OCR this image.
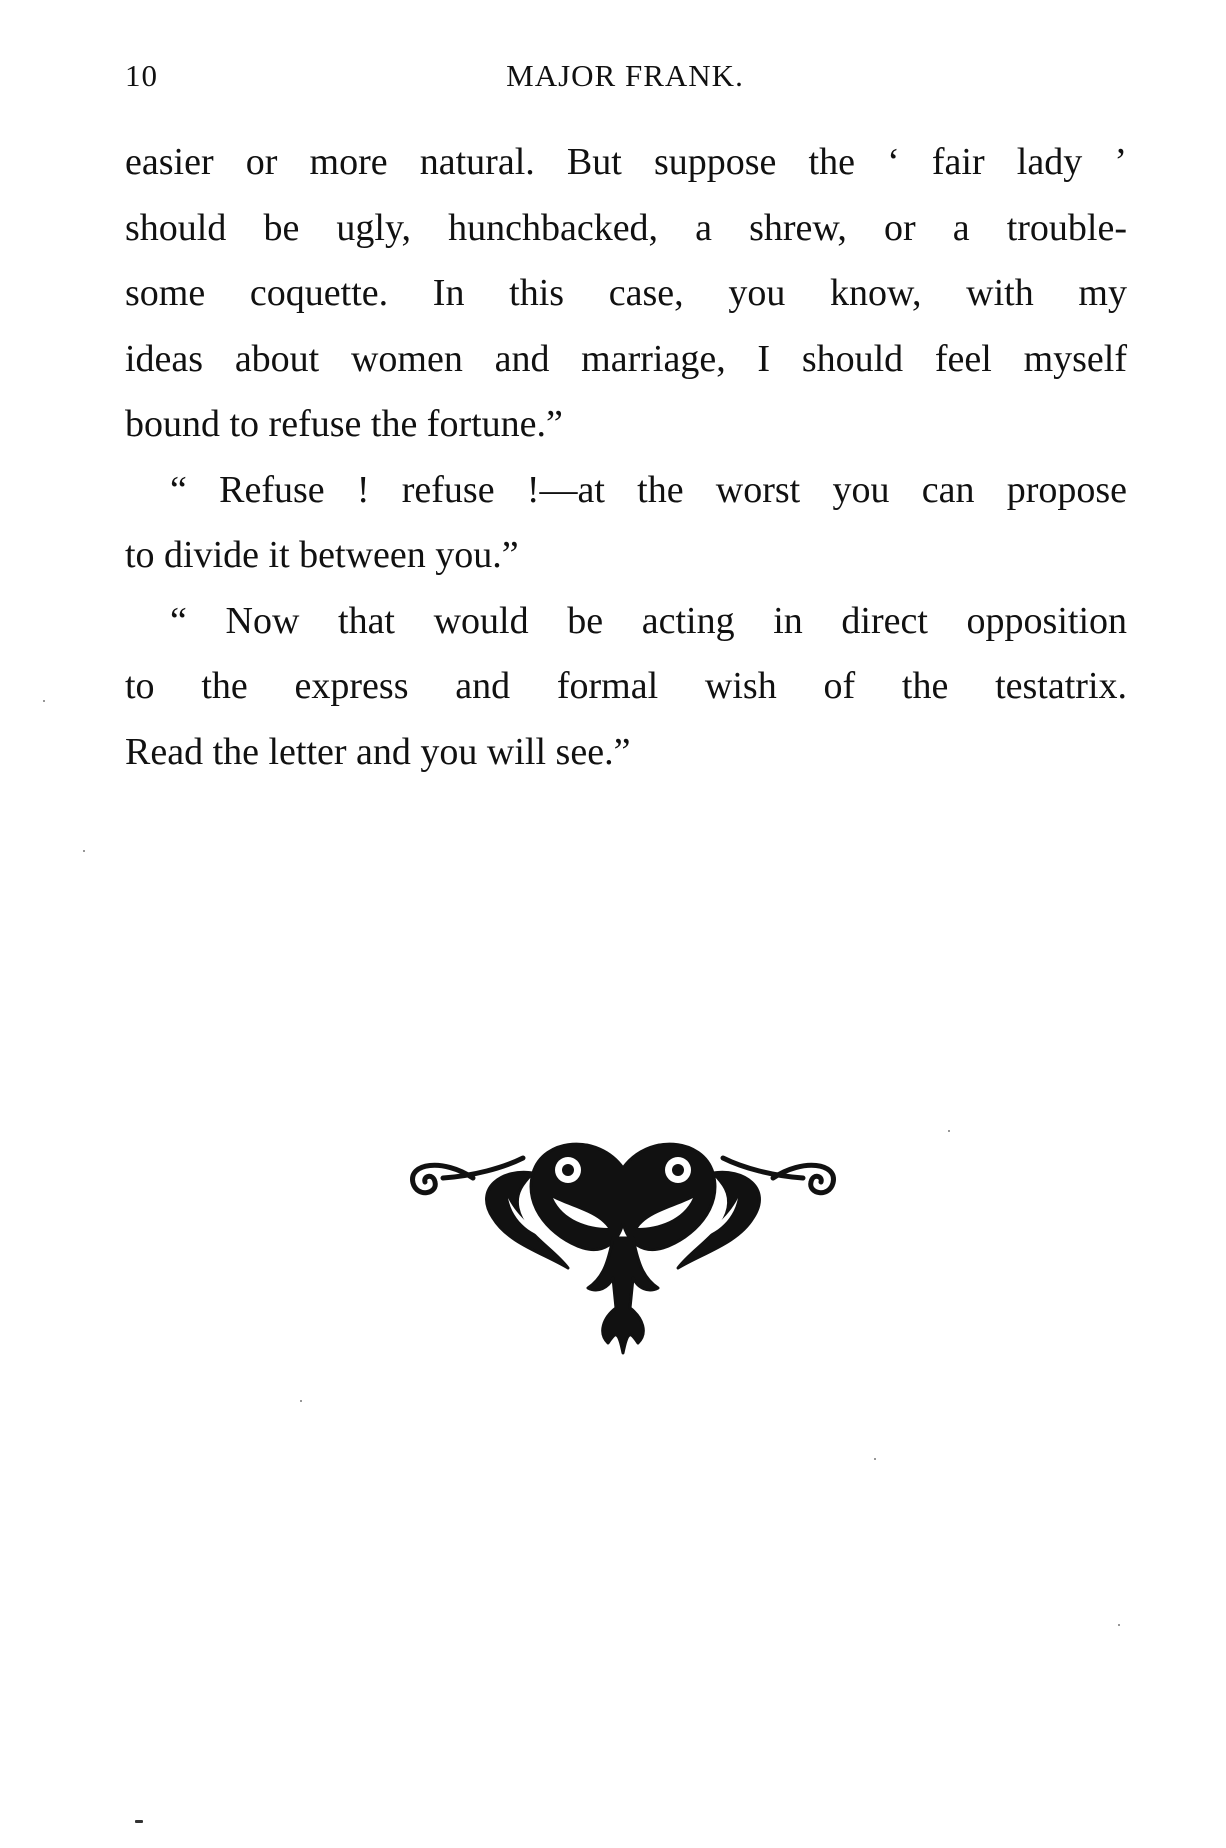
10	MAJOR FRANK.
easier or more natural. But suppose the ‘ fair lady ’
should be ugly, hunchbacked, a shrew, or a trouble-
some coquette. In this case, you know, with my
ideas about women and marriage, I should feel myself
bound to refuse the fortune.”
“ Refuse ! refuse !—at the worst you can propose
to divide it between you.”
“ Now that would be acting in direct opposition
to the express and formal wish of the testatrix.
Read the letter and you will see.”
